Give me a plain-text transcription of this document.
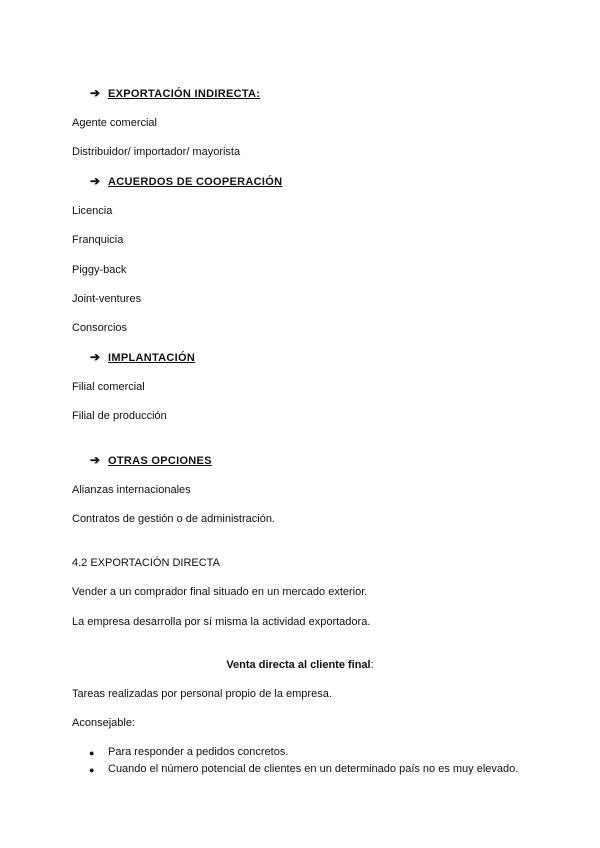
➔ EXPORTACIÓN INDIRECTA:
Agente comercial
Distribuidor/ importador/ mayorista
➔ ACUERDOS DE COOPERACIÓN
Licencia
Franquicia
Piggy-back
Joint-ventures
Consorcios
➔ IMPLANTACIÓN
Filial comercial
Filial de producción
➔ OTRAS OPCIONES
Alianzas internacionales
Contratos de gestión o de administración.
4.2 EXPORTACIÓN DIRECTA
Vender a un comprador final situado en un mercado exterior.
La empresa desarrolla por sí misma la actividad exportadora.
Venta directa al cliente final:
Tareas realizadas por personal propio de la empresa.
Aconsejable:
● Para responder a pedidos concretos.
● Cuando el número potencial de clientes en un determinado país no es muy elevado.
